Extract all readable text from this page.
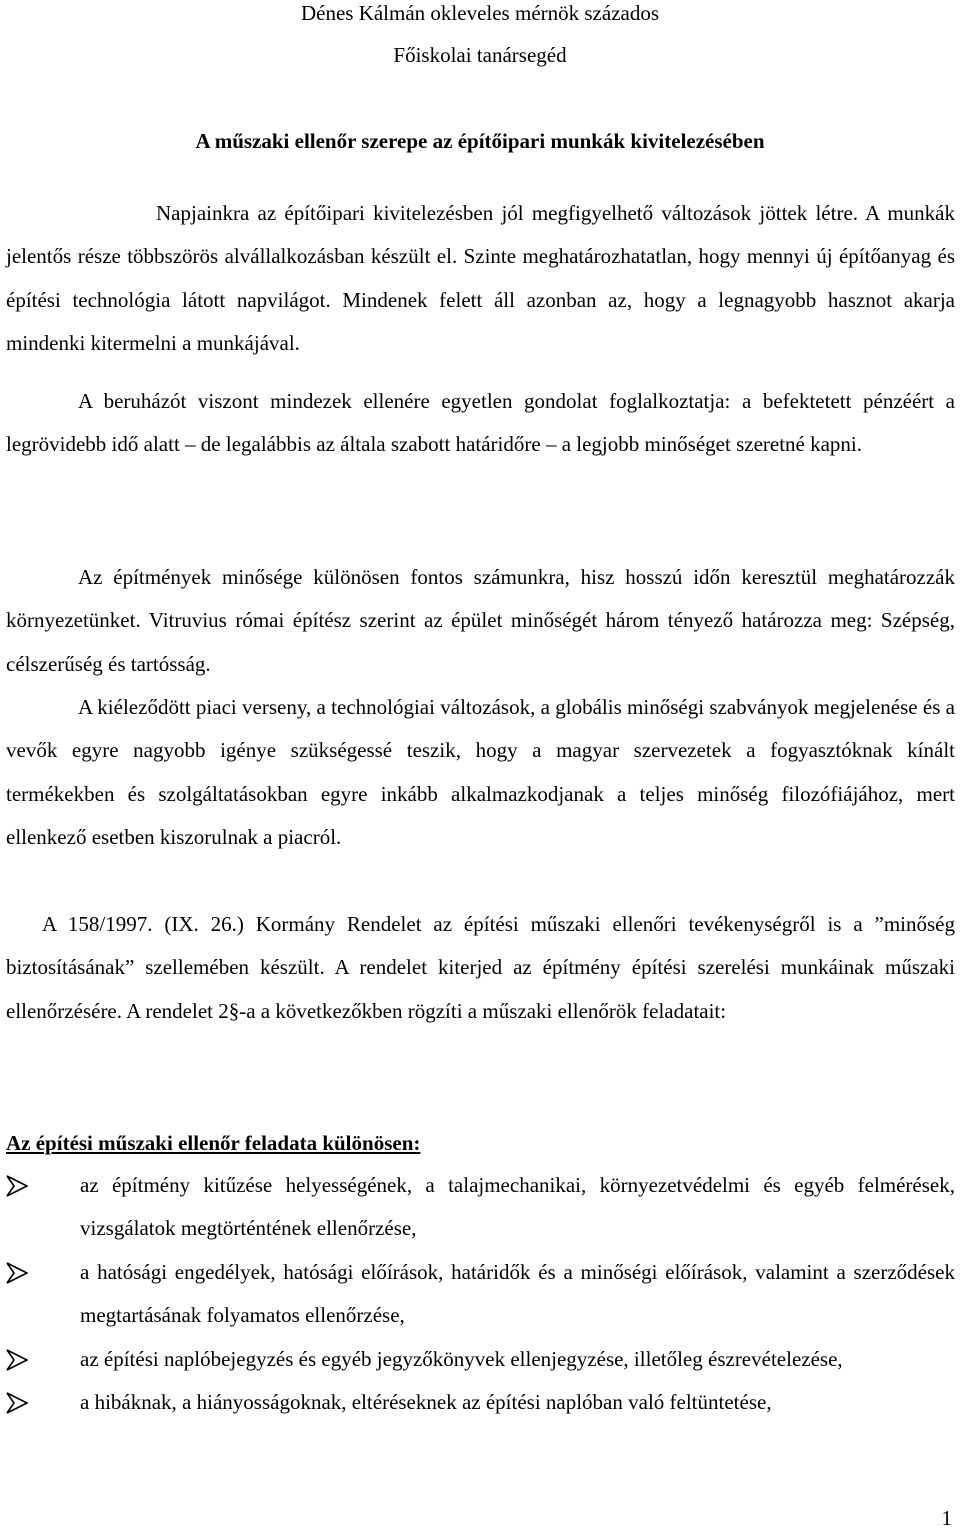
Dénes Kálmán okleveles mérnök százados
Főiskolai tanársegéd
A műszaki ellenőr szerepe az építőipari munkák kivitelezésében

Napjainkra az építőipari kivitelezésben jól megfigyelhető változások jöttek létre. A munkák jelentős része többszörös alvállalkozásban készült el. Szinte meghatározhatatlan, hogy mennyi új építőanyag és építési technológia látott napvilágot. Mindenek felett áll azonban az, hogy a legnagyobb hasznot akarja mindenki kitermelni a munkájával.

A beruházót viszont mindezek ellenére egyetlen gondolat foglalkoztatja: a befektetett pénzéért a legrövidebb idő alatt – de legalábbis az általa szabott határidőre – a legjobb minőséget szeretné kapni.

Az építmények minősége különösen fontos számunkra, hisz hosszú időn keresztül meghatározzák környezetünket. Vitruvius római építész szerint az épület minőségét három tényező határozza meg: Szépség, célszerűség és tartósság.

A kiéleződött piaci verseny, a technológiai változások, a globális minőségi szabványok megjelenése és a vevők egyre nagyobb igénye szükségessé teszik, hogy a magyar szervezetek a fogyasztóknak kínált termékekben és szolgáltatásokban egyre inkább alkalmazkodjanak a teljes minőség filozófiájához, mert ellenkező esetben kiszorulnak a piacról.

A 158/1997. (IX. 26.) Kormány Rendelet az építési műszaki ellenőri tevékenységről is a ”minőség biztosításának” szellemében készült. A rendelet kiterjed az építmény építési szerelési munkáinak műszaki ellenőrzésére. A rendelet 2§-a a következőkben rögzíti a műszaki ellenőrök feladatait:

Az építési műszaki ellenőr feladata különösen:
az építmény kitűzése helyességének, a talajmechanikai, környezetvédelmi és egyéb felmérések, vizsgálatok megtörténtének ellenőrzése,
a hatósági engedélyek, hatósági előírások, határidők és a minőségi előírások, valamint a szerződések megtartásának folyamatos ellenőrzése,
az építési naplóbejegyzés és egyéb jegyzőkönyvek ellenjegyzése, illetőleg észrevételezése,
a hibáknak, a hiányosságoknak, eltéréseknek az építési naplóban való feltüntetése,
1
